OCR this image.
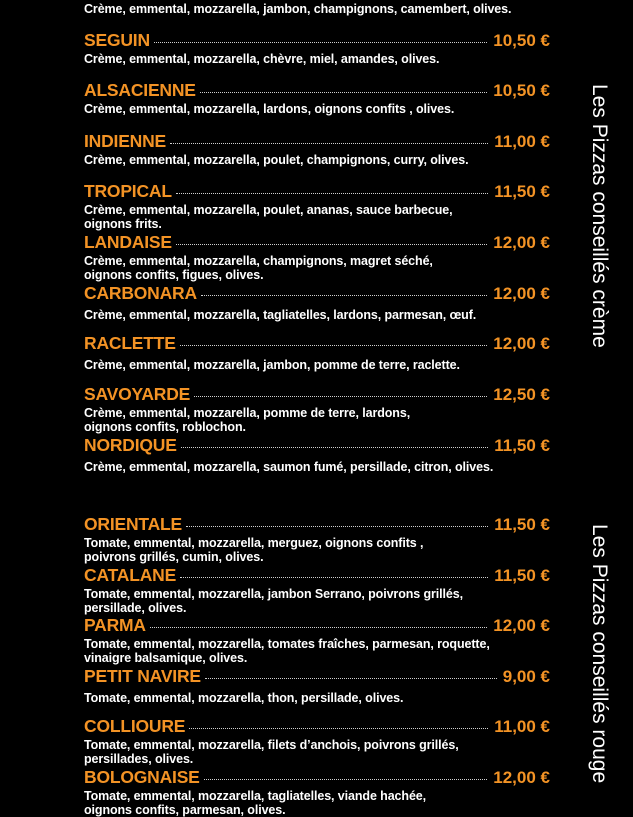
Crème, emmental, mozzarella, jambon, champignons, camembert, olives.
SEGUIN	10,50 €
Crème, emmental, mozzarella, chèvre, miel, amandes, olives.
ALSACIENNE	10,50 €
Crème, emmental, mozzarella, lardons, oignons confits , olives.
INDIENNE	11,00 €
Crème, emmental, mozzarella, poulet, champignons, curry, olives.
TROPICAL	11,50 €
Crème, emmental, mozzarella, poulet, ananas, sauce barbecue,
oignons frits.
LANDAISE	12,00 €
Crème, emmental, mozzarella, champignons, magret séché,
oignons confits, figues, olives.
CARBONARA	12,00 €
Crème, emmental, mozzarella, tagliatelles, lardons, parmesan, œuf.
RACLETTE	12,00 €
Crème, emmental, mozzarella, jambon, pomme de terre, raclette.
SAVOYARDE	12,50 €
Crème, emmental, mozzarella, pomme de terre, lardons,
oignons confits, roblochon.
NORDIQUE	11,50 €
Crème, emmental, mozzarella, saumon fumé, persillade, citron, olives.
ORIENTALE	11,50 €
Tomate, emmental, mozzarella, merguez, oignons confits ,
poivrons grillés, cumin, olives.
CATALANE	11,50 €
Tomate, emmental, mozzarella, jambon Serrano, poivrons grillés,
persillade, olives.
PARMA	12,00 €
Tomate, emmental, mozzarella, tomates fraîches, parmesan, roquette,
vinaigre balsamique, olives.
PETIT NAVIRE	9,00 €
Tomate, emmental, mozzarella, thon, persillade, olives.
COLLIOURE	11,00 €
Tomate, emmental, mozzarella, filets d’anchois, poivrons grillés,
persillades, olives.
BOLOGNAISE	12,00 €
Tomate, emmental, mozzarella, tagliatelles, viande hachée,
oignons confits, parmesan, olives.
Les Pizzas conseillés crème
Les Pizzas conseillés rouge
